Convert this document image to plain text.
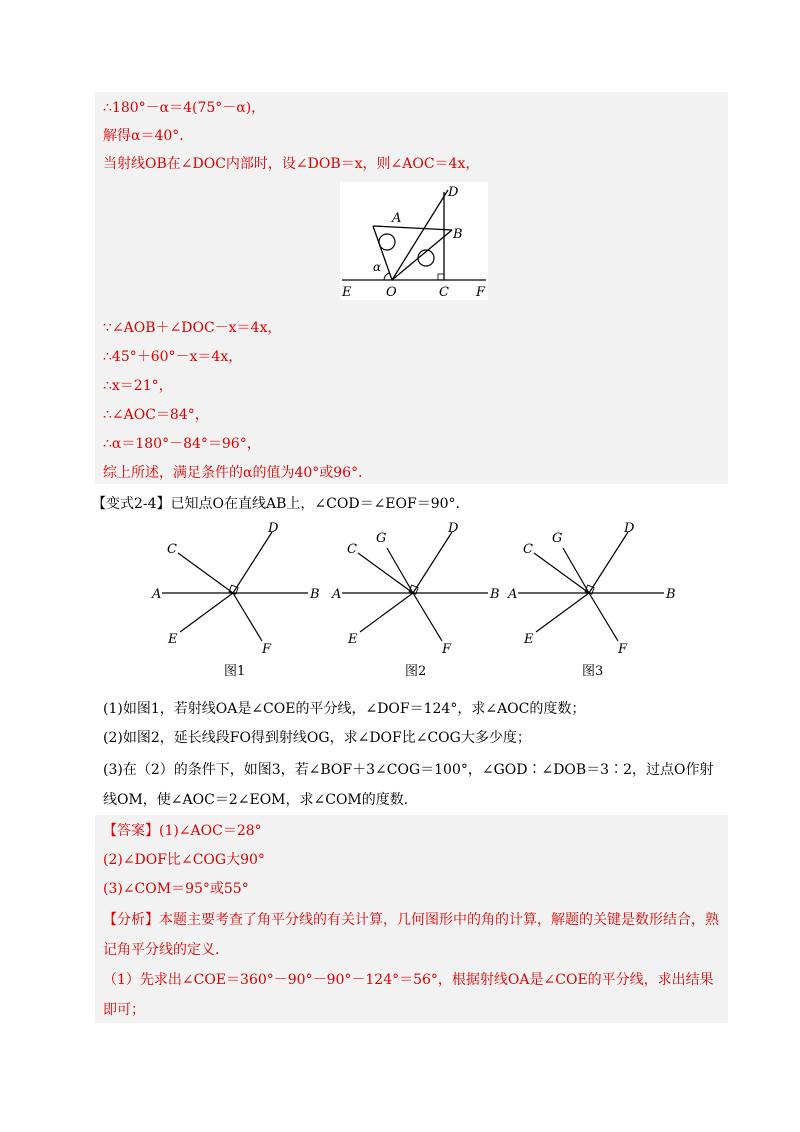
∴180°－α＝4(75°－α)，
解得α＝40°．
当射线OB在∠DOC内部时，设∠DOB＝x，则∠AOC＝4x，
D
A
B
α
E	O	C F
∵∠AOB＋∠DOC－x＝4x，
∴45°＋60°－x＝4x，
∴x＝21°，
∴∠AOC＝84°，
∴α＝180°－84°＝96°，
综上所述，满足条件的α的值为40°或96°．
【变式2-4】已知点O在直线AB上，∠COD＝∠EOF＝90°．
C
D
A	B
E
F
C
G
D
A	B
E
F
C
G
D
A	B
E
F
图1	图2	图3
(1)如图1，若射线OA是∠COE的平分线，∠DOF＝124°，求∠AOC的度数；
(2)如图2，延长线段FO得到射线OG，求∠DOF比∠COG大多少度；
(3)在（2）的条件下，如图3，若∠BOF＋3∠COG＝100°，∠GOD∶∠DOB＝3∶2，过点O作射
线OM，使∠AOC＝2∠EOM，求∠COM的度数．
【答案】(1)∠AOC＝28°
(2)∠DOF比∠COG大90°
(3)∠COM＝95°或55°
【分析】本题主要考查了角平分线的有关计算，几何图形中的角的计算，解题的关键是数形结合，熟
记角平分线的定义．
（1）先求出∠COE＝360°－90°－90°－124°＝56°，根据射线OA是∠COE的平分线，求出结果
即可；
